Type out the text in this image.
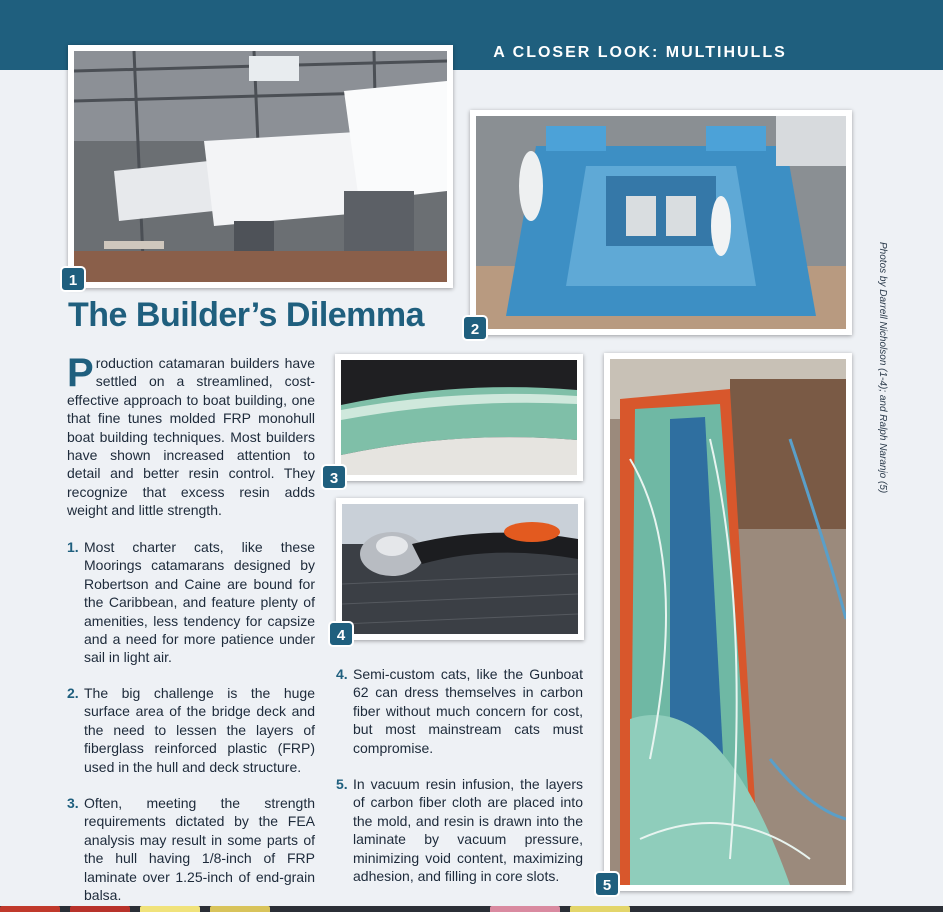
A CLOSER LOOK: MULTIHULLS
1
2
The Builder’s Dilemma

Production catamaran builders have settled on a streamlined, cost-effective approach to boat building, one that fine tunes molded FRP monohull boat building techniques. Most builders have shown increased attention to detail and better resin control. They recognize that excess resin adds weight and little strength.

1. Most charter cats, like these Moorings catamarans designed by Robertson and Caine are bound for the Caribbean, and feature plenty of amenities, less tendency for capsize and a need for more patience under sail in light air.

2. The big challenge is the huge surface area of the bridge deck and the need to lessen the layers of fiberglass reinforced plastic (FRP) used in the hull and deck structure.

3. Often, meeting the strength requirements dictated by the FEA analysis may result in some parts of the hull having 1/8-inch of FRP laminate over 1.25-inch of end-grain balsa.

3
4

4. Semi-custom cats, like the Gunboat 62 can dress themselves in carbon fiber without much concern for cost, but most mainstream cats must compromise.

5. In vacuum resin infusion, the layers of carbon fiber cloth are placed into the mold, and resin is drawn into the laminate by vacuum pressure, minimizing void content, maximizing adhesion, and filling in core slots.

5
Photos by Darrell Nicholson (1-4); and Ralph Naranjo (5)
